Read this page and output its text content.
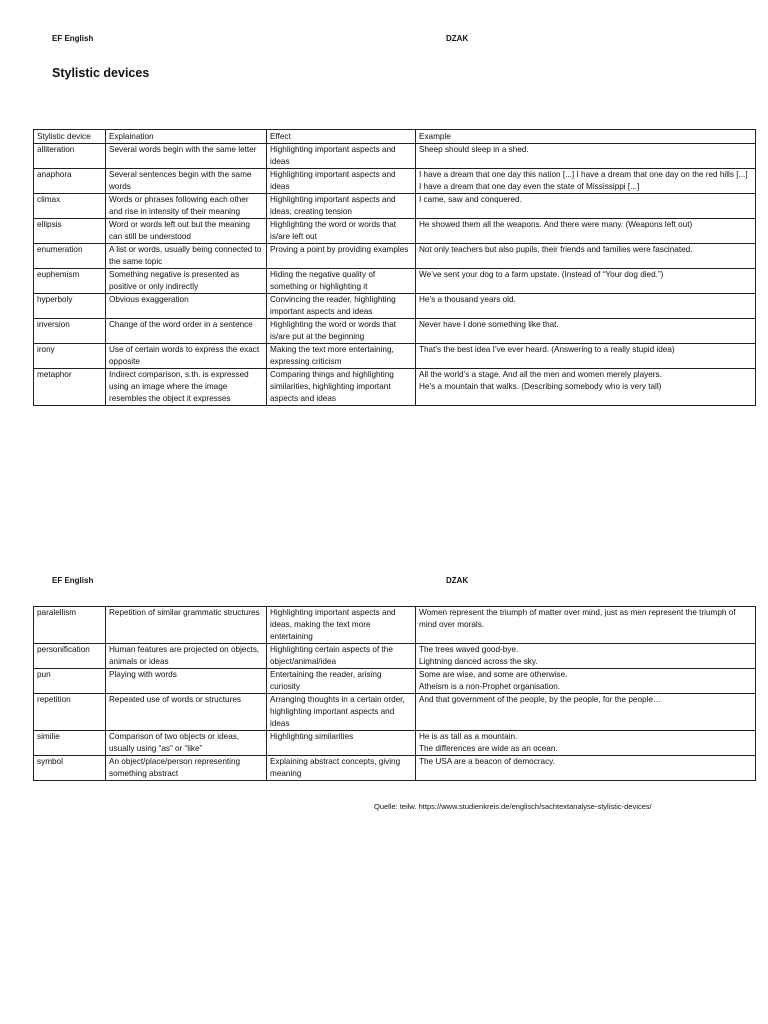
EF English	DZAK
Stylistic devices
Stylistic device	Explaination	Effect	Example
alliteration	Several words begin with the same letter	Highlighting important aspects and ideas	Sheep should sleep in a shed.
anaphora	Several sentences begin with the same words	Highlighting important aspects and ideas	I have a dream that one day this nation [...] I have a dream that one day on the red hills [...] I have a dream that one day even the state of Mississippi [...]
climax	Words or phrases following each other and rise in intensity of their meaning	Highlighting important aspects and ideas, creating tension	I came, saw and conquered.
ellipsis	Word or words left out but the meaning can still be understood	Highlighting the word or words that is/are left out	He showed them all the weapons. And there were many. (Weapons left out)
enumeration	A list or words, usually being connected to the same topic	Proving a point by providing examples	Not only teachers but also pupils, their friends and families were fascinated.
euphemism	Something negative is presented as positive or only indirectly	Hiding the negative quality of something or highlighting it	We’ve sent your dog to a farm upstate. (Instead of “Your dog died.”)
hyperboly	Obvious exaggeration	Convincing the reader, highlighting important aspects and ideas	He’s a thousand years old.
inversion	Change of the word order in a sentence	Highlighting the word or words that is/are put at the beginning	Never have I done something like that.
irony	Use of certain words to express the exact opposite	Making the text more entertaining, expressing criticism	That’s the best idea I’ve ever heard. (Answering to a really stupid idea)
metaphor	Indirect comparison, s.th. is expressed using an image where the image resembles the object it expresses	Comparing things and highlighting similarities, highlighting important aspects and ideas	All the world’s a stage. And all the men and women merely players.
He’s a mountain that walks. (Describing somebody who is very tall)
EF English	DZAK
paralellism	Repetition of similar grammatic structures	Highlighting important aspects and ideas, making the text more entertaining	Women represent the triumph of matter over mind, just as men represent the triumph of mind over morals.
personification	Human features are projected on objects, animals or ideas	Highlighting certain aspects of the object/animal/idea	The trees waved good-bye.
Lightning danced across the sky.
pun	Playing with words	Entertaining the reader, arising curiosity	Some are wise, and some are otherwise.
Atheism is a non-Prophet organisation.
repetition	Repeated use of words or structures	Arranging thoughts in a certain order, highlighting important aspects and ideas	And that government of the people, by the people, for the people…
similie	Comparison of two objects or ideas, usually using “as” or “like”	Highlighting similarities	He is as tall as a mountain.
The differences are wide as an ocean.
symbol	An object/place/person representing something abstract	Explaining abstract concepts, giving meaning	The USA are a beacon of democracy.
Quelle: teilw. https://www.studienkreis.de/englisch/sachtextanalyse-stylistic-devices/
